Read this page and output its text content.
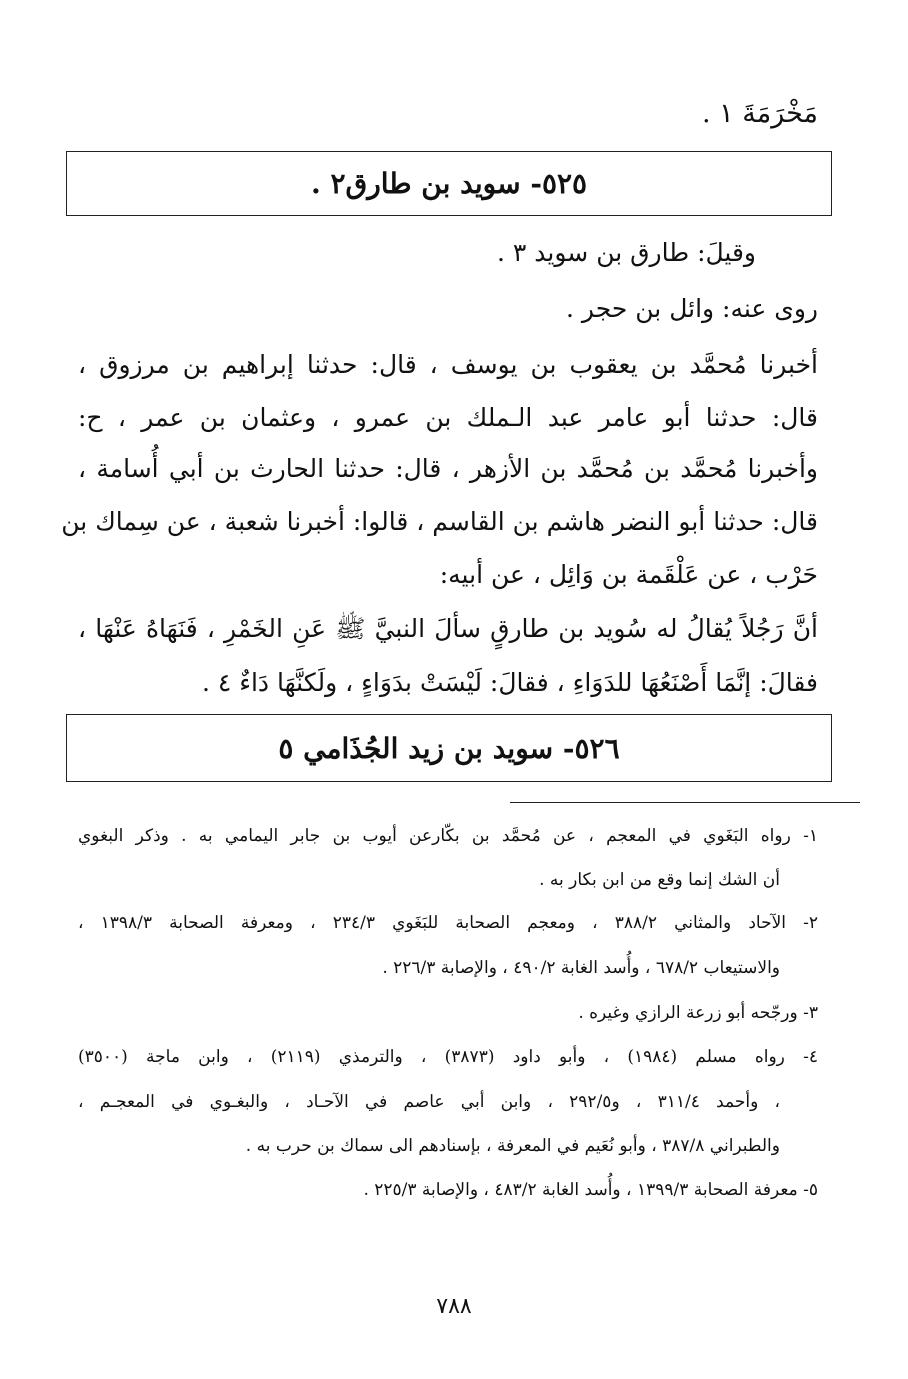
مَخْرَمَةَ ١ .
٥٢٥- سويد بن طارق٢ .
وقيلَ: طارق بن سويد ٣ .
روى عنه: وائل بن حجر .
أخبرنا مُحمَّد بن يعقوب بن يوسف ، قال: حدثنا إبراهيم بن مرزوق ،
قال: حدثنا أبو عامر عبد الـملك بن عمرو ، وعثمان بن عمر ، ح:
وأخبرنا مُحمَّد بن مُحمَّد بن الأزهر ، قال: حدثنا الحارث بن أبي أُسامة ،
قال: حدثنا أبو النضر هاشم بن القاسم ، قالوا: أخبرنا شعبة ، عن سِماك بن
حَرْب ، عن عَلْقَمة بن وَائِل ، عن أبيه:
أنَّ رَجُلاً يُقالُ له سُويد بن طارقٍ سألَ النبيَّ ﷺ عَنِ الخَمْرِ ، فَنَهَاهُ عَنْهَا ،
فقالَ: إنَّمَا أَصْنَعُهَا للدَوَاءِ ، فقالَ: لَيْسَتْ بدَوَاءٍ ، ولَكنَّهَا دَاءٌ ٤ .
٥٢٦- سويد بن زيد الجُذَامي ٥
١- رواه البَغَوي في المعجم ، عن مُحمَّد بن بكّارعن أيوب بن جابر اليمامي به . وذكر البغوي
أن الشك إنما وقع من ابن بكار به .
٢- الآحاد والمثاني ٣٨٨/٢ ، ومعجم الصحابة للبَغَوي ٢٣٤/٣ ، ومعرفة الصحابة ١٣٩٨/٣ ،
والاستيعاب ٦٧٨/٢ ، وأُسد الغابة ٤٩٠/٢ ، والإصابة ٢٢٦/٣ .
٣- ورجّحه أبو زرعة الرازي وغيره .
٤- رواه مسلم (١٩٨٤) ، وأبو داود (٣٨٧٣) ، والترمذي (٢١١٩) ، وابن ماجة (٣٥٠٠)
، وأحمد ٣١١/٤ ، و٢٩٢/٥ ، وابن أبي عاصم في الآحـاد ، والبغـوي في المعجـم ،
والطبراني ٣٨٧/٨ ، وأبو نُعَيم في المعرفة ، بإسنادهم الى سماك بن حرب به .
٥- معرفة الصحابة ١٣٩٩/٣ ، وأُسد الغابة ٤٨٣/٢ ، والإصابة ٢٢٥/٣ .
٧٨٨
